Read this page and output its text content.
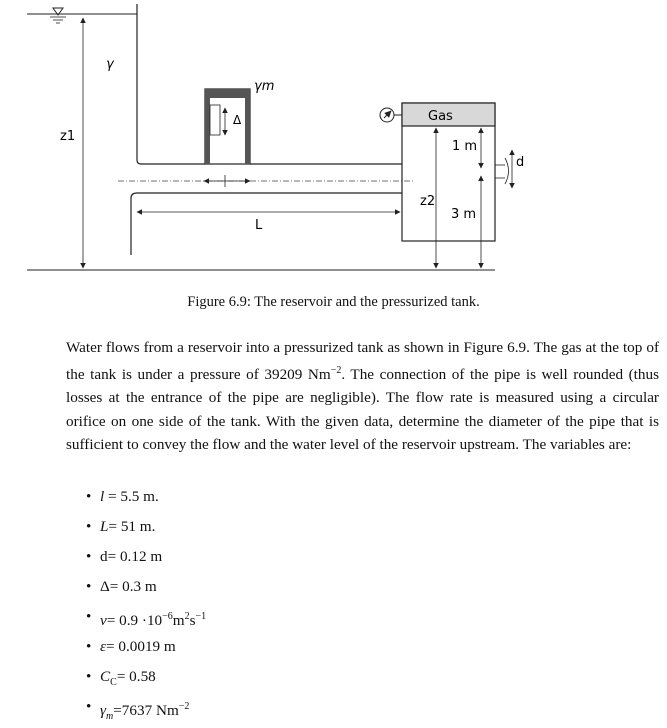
γ
γm
z1
Δ
L
Gas
z2
1 m
3 m
d
Figure 6.9: The reservoir and the pressurized tank.

Water flows from a reservoir into a pressurized tank as shown in Figure 6.9. The gas at the top of the tank is under a pressure of 39209 $Nm^{-2}$. The connection of the pipe is well rounded (thus losses at the entrance of the pipe are negligible). The flow rate is measured using a circular orifice on one side of the tank. With the given data, determine the diameter of the pipe that is sufficient to convey the flow and the water level of the reservoir upstream. The variables are:

• l = 5.5 m.
• L= 51 m.
• d= 0.12 m
• Δ= 0.3 m
• $\nu= 0.9 \cdot 10^{-6}m^2s^{-1}$
• ε= 0.0019 m
• $C_C= 0.58$
• $\gamma_m=7637$ $Nm^{-2}$
